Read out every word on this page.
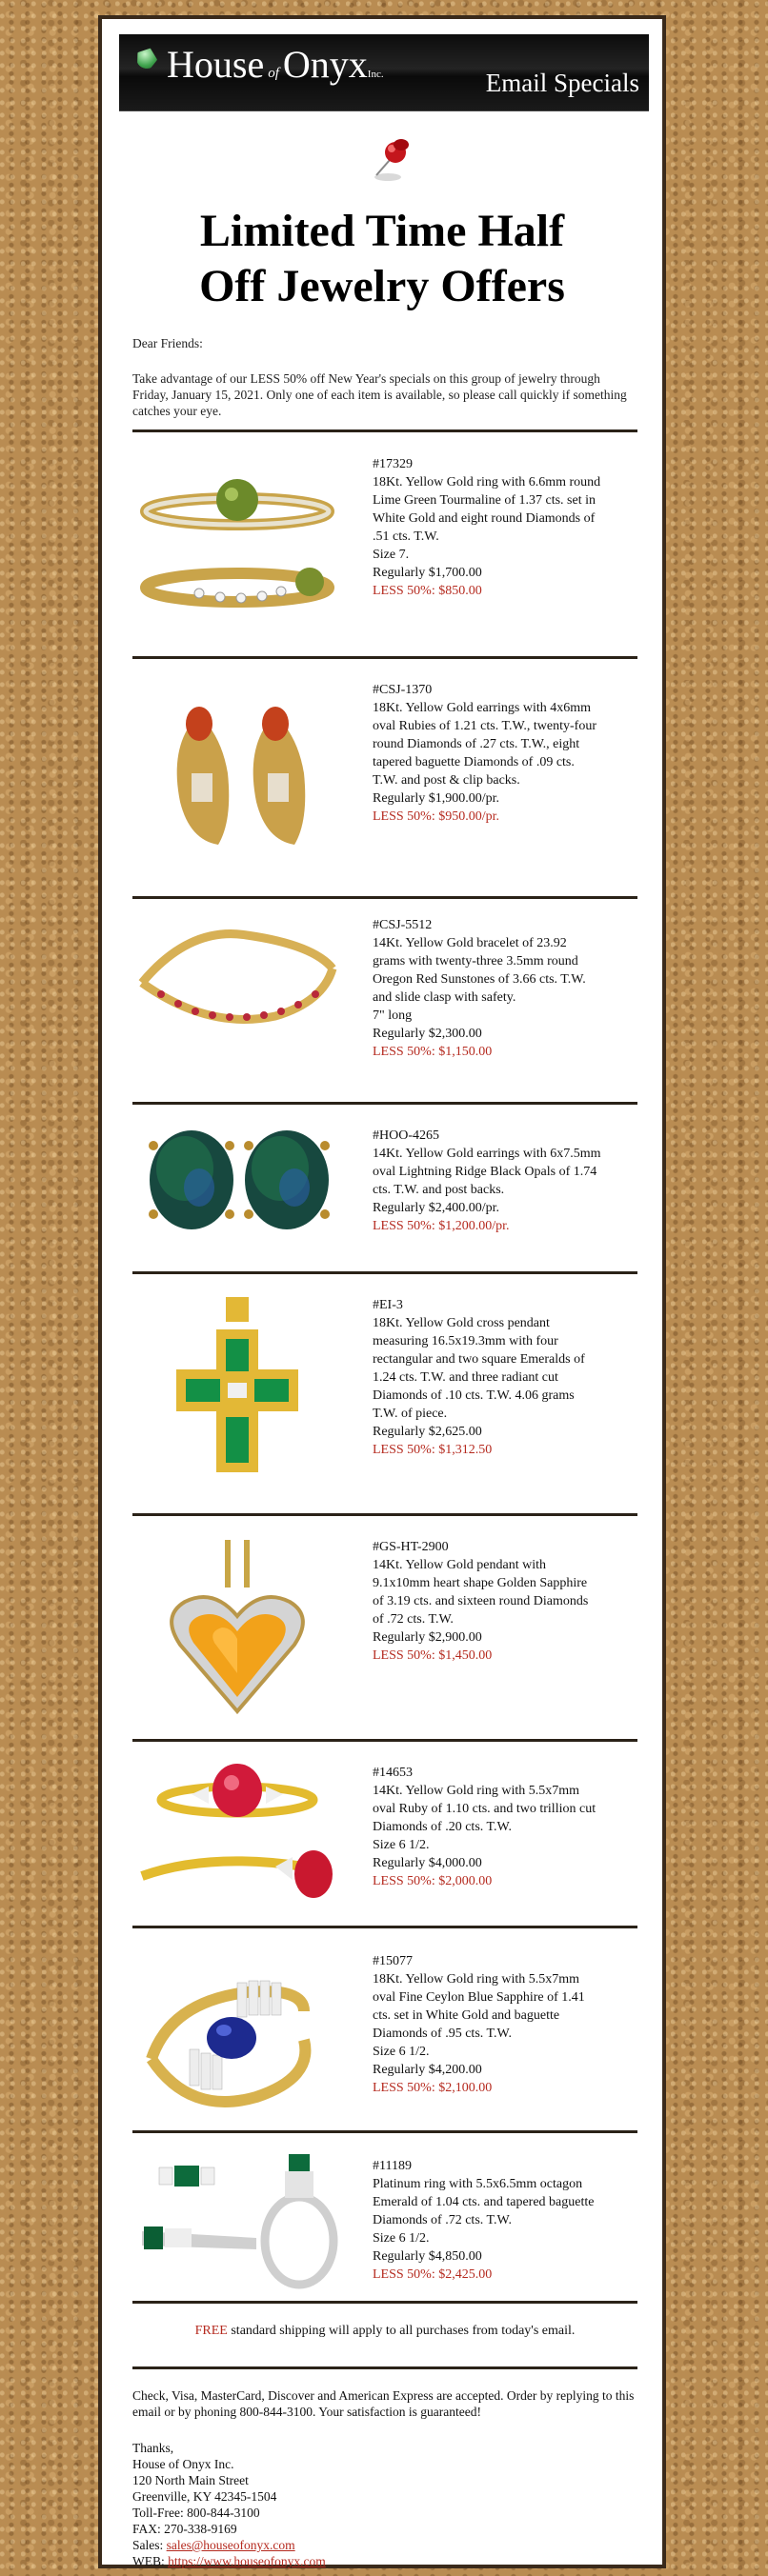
House of OnyxInc.	Email Specials
Limited Time Half
Off Jewelry Offers
Dear Friends:
Take advantage of our LESS 50% off New Year's specials on this group of jewelry through Friday, January 15, 2021. Only one of each item is available, so please call quickly if something catches your eye.
#17329
18Kt. Yellow Gold ring with 6.6mm round Lime Green Tourmaline of 1.37 cts. set in White Gold and eight round Diamonds of .51 cts. T.W.
Size 7.
Regularly $1,700.00
LESS 50%: $850.00
#CSJ-1370
18Kt. Yellow Gold earrings with 4x6mm oval Rubies of 1.21 cts. T.W., twenty-four round Diamonds of .27 cts. T.W., eight tapered baguette Diamonds of .09 cts. T.W. and post & clip backs.
Regularly $1,900.00/pr.
LESS 50%: $950.00/pr.
#CSJ-5512
14Kt. Yellow Gold bracelet of 23.92 grams with twenty-three 3.5mm round Oregon Red Sunstones of 3.66 cts. T.W. and slide clasp with safety.
7" long
Regularly $2,300.00
LESS 50%: $1,150.00
#HOO-4265
14Kt. Yellow Gold earrings with 6x7.5mm oval Lightning Ridge Black Opals of 1.74 cts. T.W. and post backs.
Regularly $2,400.00/pr.
LESS 50%: $1,200.00/pr.
#EI-3
18Kt. Yellow Gold cross pendant measuring 16.5x19.3mm with four rectangular and two square Emeralds of 1.24 cts. T.W. and three radiant cut Diamonds of .10 cts. T.W. 4.06 grams T.W. of piece.
Regularly $2,625.00
LESS 50%: $1,312.50
#GS-HT-2900
14Kt. Yellow Gold pendant with 9.1x10mm heart shape Golden Sapphire of 3.19 cts. and sixteen round Diamonds of .72 cts. T.W.
Regularly $2,900.00
LESS 50%: $1,450.00
#14653
14Kt. Yellow Gold ring with 5.5x7mm oval Ruby of 1.10 cts. and two trillion cut Diamonds of .20 cts. T.W.
Size 6 1/2.
Regularly $4,000.00
LESS 50%: $2,000.00
#15077
18Kt. Yellow Gold ring with 5.5x7mm oval Fine Ceylon Blue Sapphire of 1.41 cts. set in White Gold and baguette Diamonds of .95 cts. T.W.
Size 6 1/2.
Regularly $4,200.00
LESS 50%: $2,100.00
#11189
Platinum ring with 5.5x6.5mm octagon Emerald of 1.04 cts. and tapered baguette Diamonds of .72 cts. T.W.
Size 6 1/2.
Regularly $4,850.00
LESS 50%: $2,425.00
FREE standard shipping will apply to all purchases from today's email.
Check, Visa, MasterCard, Discover and American Express are accepted. Order by replying to this email or by phoning 800-844-3100. Your satisfaction is guaranteed!
Thanks,
House of Onyx Inc.
120 North Main Street
Greenville, KY 42345-1504
Toll-Free: 800-844-3100
FAX: 270-338-9169
Sales: sales@houseofonyx.com
WEB: https://www.houseofonyx.com
